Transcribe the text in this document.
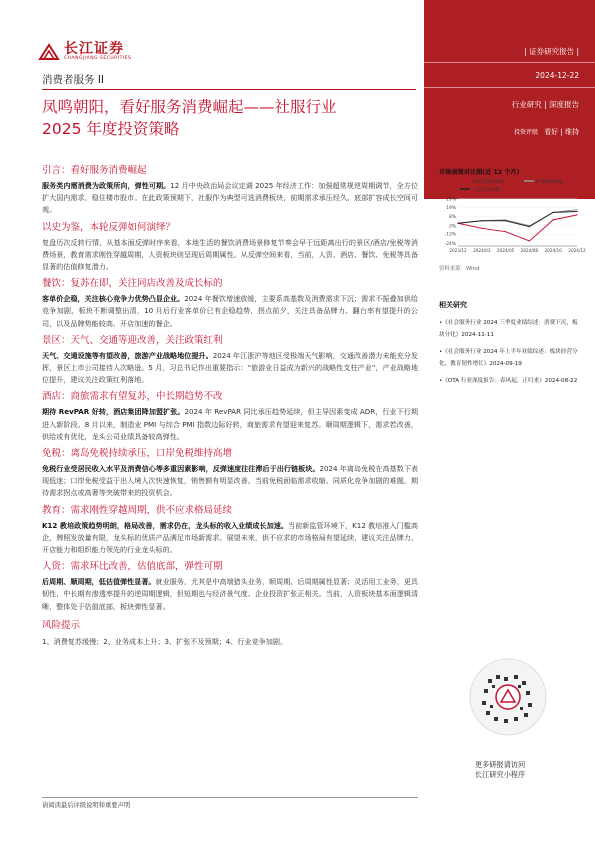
长江证券
CHANGJIANG SECURITIES
消费者服务 II
凤鸣朝阳，看好服务消费崛起——社服行业
2025 年度投资策略
| 证券研究报告 |
2024-12-22
行业研究 | 深度报告
投资评级 看好 | 维持
市场表现对比图(近 12 个月)
消费者服务指数	沪深300指数
上证综合指数
29%
19%
8%
-3%
-13%
-24%
2023/12 2024/03 2024/05 2024/08 2024/10 2024/12
资料来源：Wind
相关研究
•《社会服务行业 2024 三季度业绩综述：消费下沉，板块分化》2024-11-11
•《社会服务行业 2024 年上半年业绩综述：板块经营分化，教育韧性增长》2024-09-19
•《OTA 行业深度报告：春风起，正归来》2024-08-22
更多研报请访问
长江研究小程序
引言：看好服务消费崛起
服务类内需消费为政策所向，弹性可期。12 月中央政治局会议定调 2025 年经济工作：加强超常规逆周期调节，全方位扩大国内需求，稳住楼市股市。在此政策预期下，社服作为典型可选消费板块，前期需求承压经久、底部扩容成长空间可观。
以史为鉴，本轮反弹如何演绎？
复盘历次反转行情，从基本面反弹时序来看，本地生活的餐饮消费场景修复节奏会早于远距离出行的景区/酒店/免税等消费场景，教育需求刚性穿越周期，人资板块则呈现后周期属性。从反弹空间来看，当前，人资、酒店、餐饮、免税等具备显著的估值修复潜力。
餐饮：复苏在即，关注同店改善及成长标的
客单价企稳，关注核心竞争力优势凸显企业。2024 年餐饮增速放缓，主要系高基数及消费需求下沉；需求不振叠加供给竞争加剧，板块不断调整出清，10 月后行业客单价已有企稳趋势，拐点前夕，关注具备品牌力、翻台率有望提升的公司，以及品牌势能较高、开店加速的餐企。
景区：天气、交通等迎改善，关注政策红利
天气、交通设施等有望改善，旅游产业战略地位提升。2024 年江浙沪等地区受极端天气影响，交通改善潜力未能充分发挥，景区上市公司接待人次略逊。5 月，习总书记作出重要指示：“旅游业日益成为新兴的战略性支柱产业”，产业战略地位提升，建议关注政策红利落地。
酒店：商旅需求有望复苏，中长期趋势不改
期待 RevPAR 好转，酒店集团降加盟扩张。2024 年 RevPAR 同比承压趋势延续，但主导因素变成 ADR，行业下行期进入新阶段。8 月以来，制造业 PMI 与综合 PMI 指数边际好转，商旅需求有望迎来复苏。顺周期逻辑下，需求若改善，供给或有优化，龙头公司业绩具备较高弹性。
免税：离岛免税持续承压，口岸免税维持高增
免税行业受居民收入水平及消费信心等多重因素影响，反弹速度往往滞后于出行链板块。2024 年离岛免税在高基数下表现低迷；口岸免税受益于出入境人次快速恢复，销售额有明显改善。当前免税面临需求收缩、同质化竞争加剧的难题，期待需求拐点或高奢等突破带来的投资机会。
教育：需求刚性穿越周期，供不应求格局延续
K12 教培政策趋势明朗，格局改善，需求仍在，龙头标的收入业绩成长加速。当前新监管环境下，K12 教培准入门槛高企，牌照发放量有限，龙头标的优质产品满足市场新需求。展望未来，供不应求的市场格局有望延续，建议关注品牌力、开店能力和组织能力领先的行业龙头标的。
人资：需求环比改善，估值底部，弹性可期
后周期、顺周期，低估值弹性显著。就业服务，尤其是中高端猎头业务，顺周期、后周期属性显著；灵活用工业务，更具韧性，中长期有渗透率提升的逆周期逻辑，但短期也与经济景气度、企业投资扩张正相关。当前，人资板块基本面逻辑清晰，整体处于估值底部，板块弹性显著。
风险提示
1、消费复苏缓慢；2、业务成本上升；3、扩张不及预期；4、行业竞争加剧。
请阅读最后评级说明和重要声明
